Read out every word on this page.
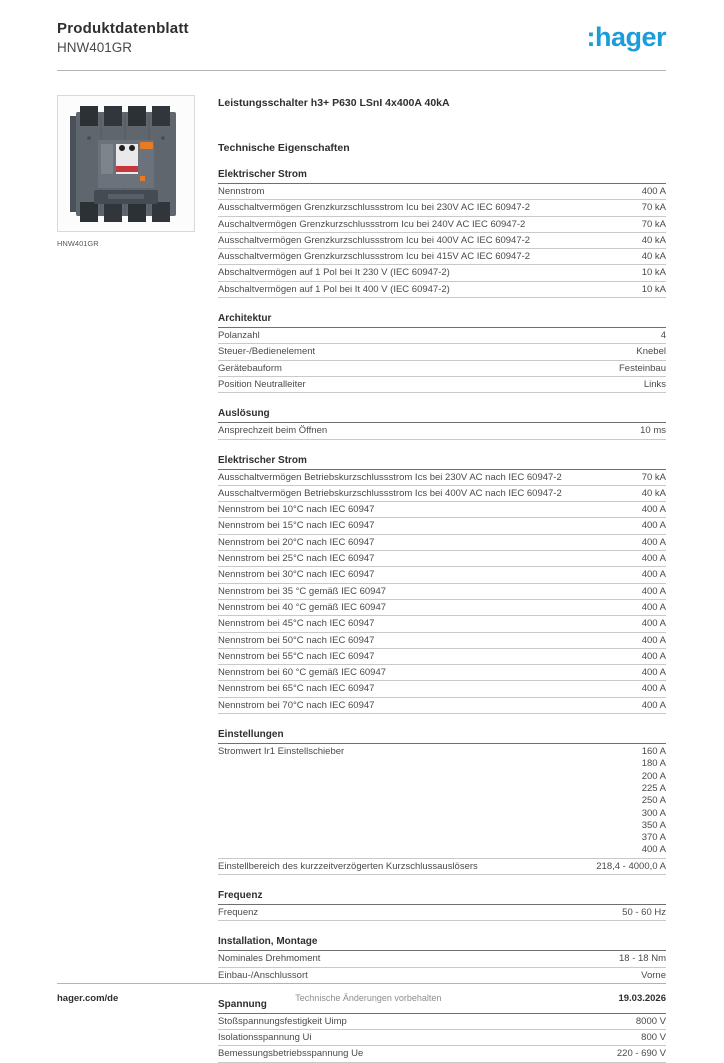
Produktdatenblatt
HNW401GR	:hager
HNW401GR
Leistungsschalter h3+ P630 LSnI 4x400A 40kA
Technische Eigenschaften
Elektrischer Strom
Nennstrom	400 A
Ausschaltvermögen Grenzkurzschlussstrom Icu bei 230V AC IEC 60947-2	70 kA
Auschaltvermögen Grenzkurzschlussstrom Icu bei 240V AC IEC 60947-2	70 kA
Ausschaltvermögen Grenzkurzschlussstrom Icu bei 400V AC IEC 60947-2	40 kA
Ausschaltvermögen Grenzkurzschlussstrom Icu bei 415V AC IEC 60947-2	40 kA
Abschaltvermögen auf 1 Pol bei It 230 V (IEC 60947-2)	10 kA
Abschaltvermögen auf 1 Pol bei It 400 V (IEC 60947-2)	10 kA
Architektur
Polanzahl	4
Steuer-/Bedienelement	Knebel
Gerätebauform	Festeinbau
Position Neutralleiter	Links
Auslösung
Ansprechzeit beim Öffnen	10 ms
Elektrischer Strom
Ausschaltvermögen Betriebskurzschlussstrom Ics bei 230V AC nach IEC 60947-2	70 kA
Ausschaltvermögen Betriebskurzschlussstrom Ics bei 400V AC nach IEC 60947-2	40 kA
Nennstrom bei 10°C nach IEC 60947	400 A
Nennstrom bei 15°C nach IEC 60947	400 A
Nennstrom bei 20°C nach IEC 60947	400 A
Nennstrom bei 25°C nach IEC 60947	400 A
Nennstrom bei 30°C nach IEC 60947	400 A
Nennstrom bei 35 °C gemäß IEC 60947	400 A
Nennstrom bei 40 °C gemäß IEC 60947	400 A
Nennstrom bei 45°C nach IEC 60947	400 A
Nennstrom bei 50°C nach IEC 60947	400 A
Nennstrom bei 55°C nach IEC 60947	400 A
Nennstrom bei 60 °C gemäß IEC 60947	400 A
Nennstrom bei 65°C nach IEC 60947	400 A
Nennstrom bei 70°C nach IEC 60947	400 A
Einstellungen
Stromwert Ir1 Einstellschieber	160 A
180 A
200 A
225 A
250 A
300 A
350 A
370 A
400 A
Einstellbereich des kurzzeitverzögerten Kurzschlussauslösers	218,4 - 4000,0 A
Frequenz
Frequenz	50 - 60 Hz
Installation, Montage
Nominales Drehmoment	18 - 18 Nm
Einbau-/Anschlussort	Vorne
Spannung
Stoßspannungsfestigkeit Uimp	8000 V
Isolationsspannung Ui	800 V
Bemessungsbetriebsspannung Ue	220 - 690 V
hager.com/de	Technische Änderungen vorbehalten	19.03.2026
